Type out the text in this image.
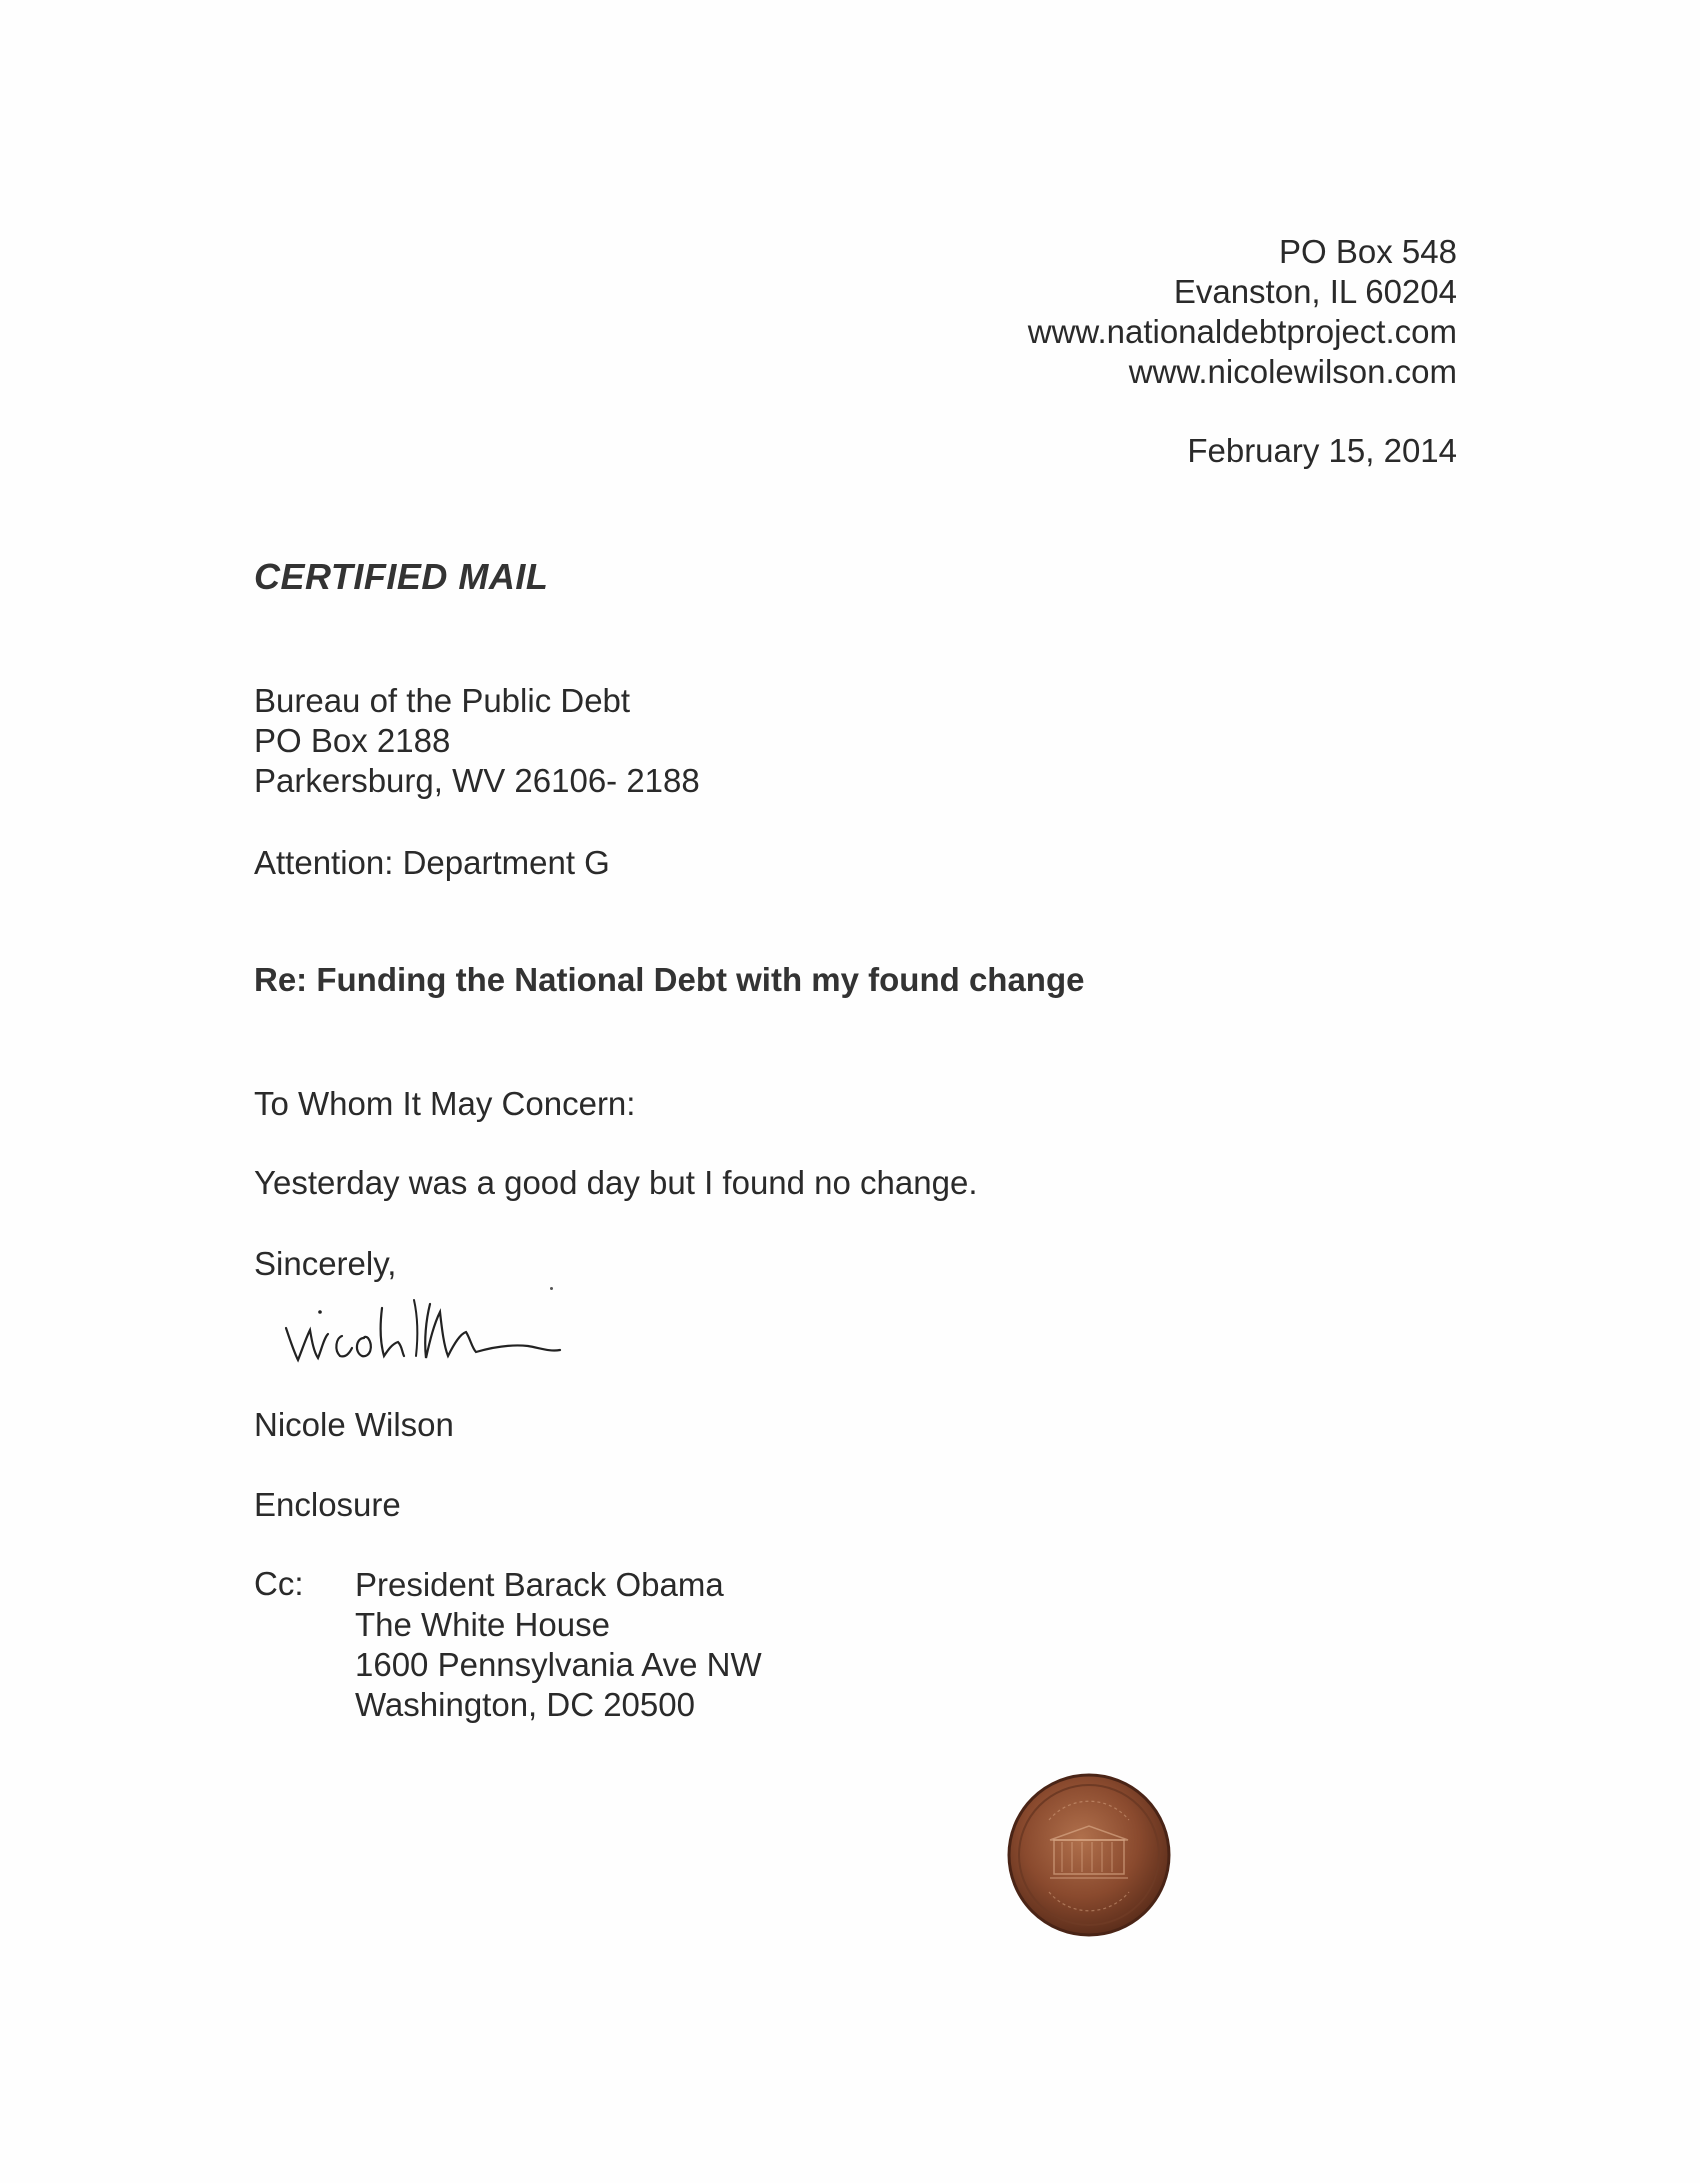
PO Box 548
Evanston, IL 60204
www.nationaldebtproject.com
www.nicolewilson.com
February 15, 2014
CERTIFIED MAIL
Bureau of the Public Debt
PO Box 2188
Parkersburg, WV 26106- 2188
Attention: Department G
Re: Funding the National Debt with my found change
To Whom It May Concern:
Yesterday was a good day but I found no change.
Sincerely,
Nicole Wilson
Enclosure
Cc: President Barack Obama
The White House
1600 Pennsylvania Ave NW
Washington, DC 20500
